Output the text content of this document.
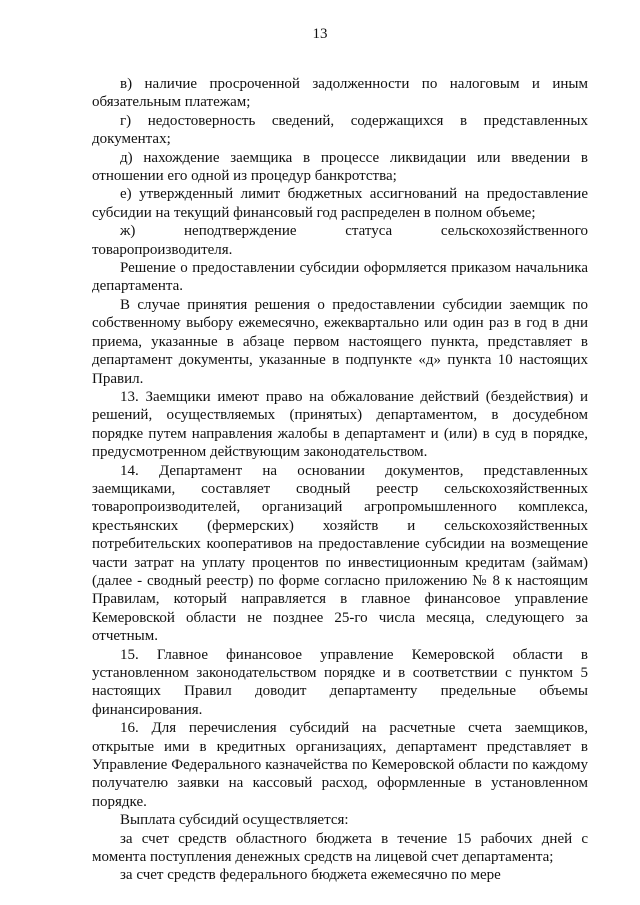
13

в) наличие просроченной задолженности по налоговым и иным обязательным платежам;

г) недостоверность сведений, содержащихся в представленных документах;

д) нахождение заемщика в процессе ликвидации или введении в отношении его одной из процедур банкротства;

е) утвержденный лимит бюджетных ассигнований на предоставление субсидии на текущий финансовый год распределен в полном объеме;

ж) неподтверждение статуса сельскохозяйственного товаропроизводителя.

Решение о предоставлении субсидии оформляется приказом начальника департамента.

В случае принятия решения о предоставлении субсидии заемщик по собственному выбору ежемесячно, ежеквартально или один раз в год в дни приема, указанные в абзаце первом настоящего пункта, представляет в департамент документы, указанные в подпункте «д» пункта 10 настоящих Правил.

13. Заемщики имеют право на обжалование действий (бездействия) и решений, осуществляемых (принятых) департаментом, в досудебном порядке путем направления жалобы в департамент и (или) в суд в порядке, предусмотренном действующим законодательством.

14. Департамент на основании документов, представленных заемщиками, составляет сводный реестр сельскохозяйственных товаропроизводителей, организаций агропромышленного комплекса, крестьянских (фермерских) хозяйств и сельскохозяйственных потребительских кооперативов на предоставление субсидии на возмещение части затрат на уплату процентов по инвестиционным кредитам (займам) (далее - сводный реестр) по форме согласно приложению № 8 к настоящим Правилам, который направляется в главное финансовое управление Кемеровской области не позднее 25-го числа месяца, следующего за отчетным.

15. Главное финансовое управление Кемеровской области в установленном законодательством порядке и в соответствии с пунктом 5 настоящих Правил доводит департаменту предельные объемы финансирования.

16. Для перечисления субсидий на расчетные счета заемщиков, открытые ими в кредитных организациях, департамент представляет в Управление Федерального казначейства по Кемеровской области по каждому получателю заявки на кассовый расход, оформленные в установленном порядке.

Выплата субсидий осуществляется:

за счет средств областного бюджета в течение 15 рабочих дней с момента поступления денежных средств на лицевой счет департамента;

за счет средств федерального бюджета ежемесячно по мере
